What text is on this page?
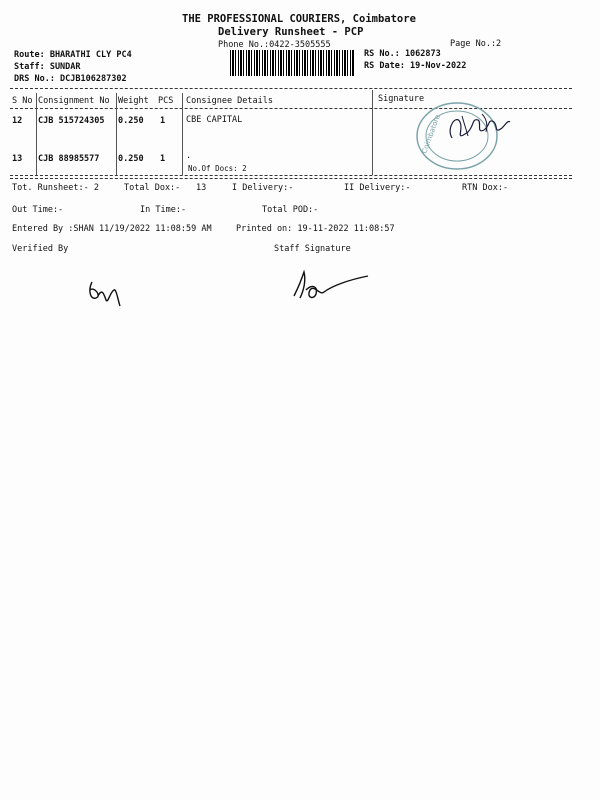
THE PROFESSIONAL COURIERS, Coimbatore
Delivery Runsheet - PCP
Phone No.:0422-3505555	Page No.:2
Route: BHARATHI CLY PC4
Staff: SUNDAR
DRS No.: DCJB106287302
RS No.: 1062873
RS Date: 19-Nov-2022
S No Consignment No Weight PCS Consignee Details	Signature
12 CJB 515724305 0.250 1 CBE CAPITAL
13 CJB 88985577 0.250 1 .
No.Of Docs: 2
Coimbatore
Tot. Runsheet:- 2	Total Dox:- 13	I Delivery:-	II Delivery:-	RTN Dox:-
Out Time:-	In Time:-	Total POD:-
Entered By :SHAN 11/19/2022 11:08:59 AM	Printed on: 19-11-2022 11:08:57
Verified By	Staff Signature
